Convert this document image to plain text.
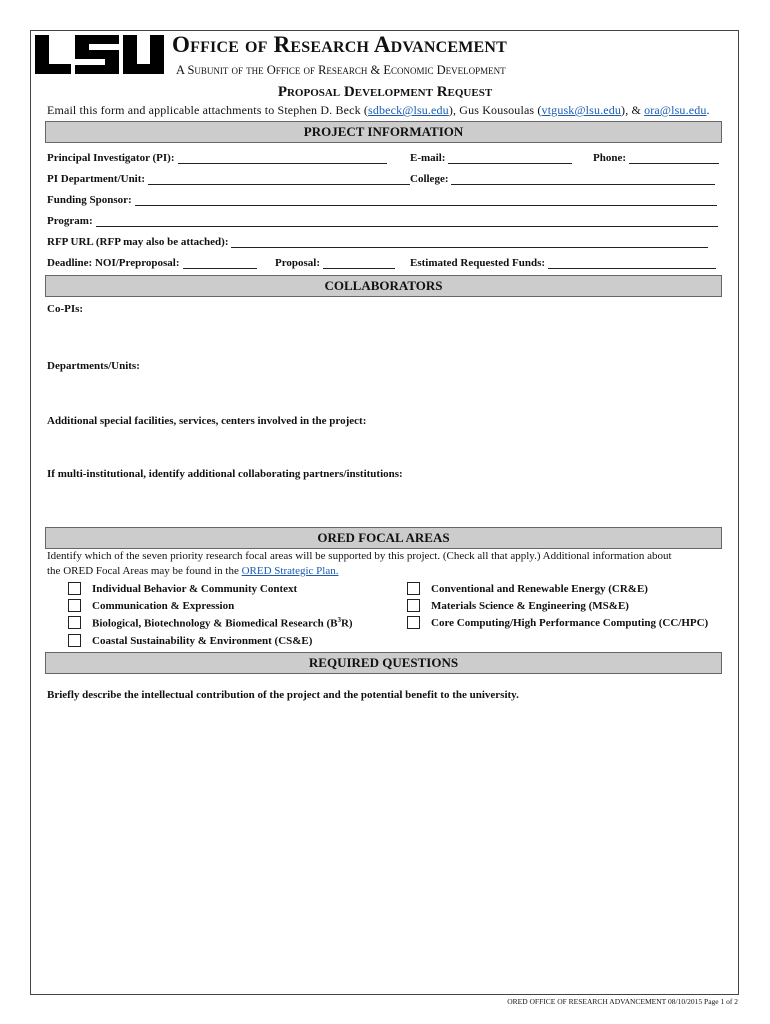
Office of Research Advancement
A Subunit of the Office of Research & Economic Development
Proposal Development Request
Email this form and applicable attachments to Stephen D. Beck (sdbeck@lsu.edu), Gus Kousoulas (vtgusk@lsu.edu), & ora@lsu.edu.
PROJECT INFORMATION
Principal Investigator (PI):	E-mail:	Phone:
PI Department/Unit:	College:
Funding Sponsor:
Program:
RFP URL (RFP may also be attached):
Deadline: NOI/Preproposal:	Proposal:	Estimated Requested Funds:
COLLABORATORS
Co-PIs:
Departments/Units:
Additional special facilities, services, centers involved in the project:
If multi-institutional, identify additional collaborating partners/institutions:
ORED FOCAL AREAS
Identify which of the seven priority research focal areas will be supported by this project. (Check all that apply.) Additional information about
the ORED Focal Areas may be found in the ORED Strategic Plan.
Individual Behavior & Community Context
Communication & Expression
Biological, Biotechnology & Biomedical Research $(B^3R)$
Coastal Sustainability & Environment (CS&E)
Conventional and Renewable Energy (CR&E)
Materials Science & Engineering (MS&E)
Core Computing/High Performance Computing (CC/HPC)
REQUIRED QUESTIONS
Briefly describe the intellectual contribution of the project and the potential benefit to the university.
ORED OFFICE OF RESEARCH ADVANCEMENT 08/10/2015 Page 1 of 2
